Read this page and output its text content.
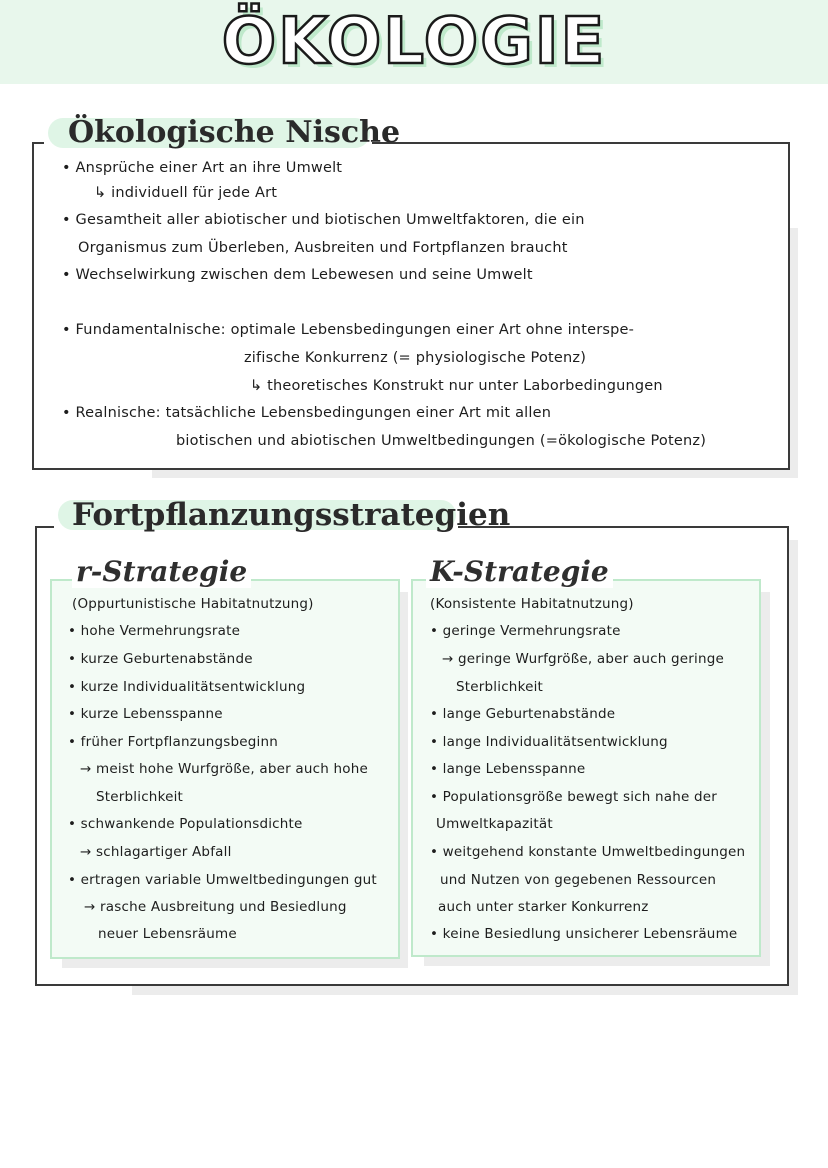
ÖKOLOGIE
Ökologische Nische
• Ansprüche einer Art an ihre Umwelt
↳ individuell für jede Art
• Gesamtheit aller abiotischer und biotischen Umweltfaktoren, die ein
Organismus zum Überleben, Ausbreiten und Fortpflanzen braucht
• Wechselwirkung zwischen dem Lebewesen und seine Umwelt
• Fundamentalnische: optimale Lebensbedingungen einer Art ohne interspe-
zifische Konkurrenz (= physiologische Potenz)
↳ theoretisches Konstrukt nur unter Laborbedingungen
• Realnische: tatsächliche Lebensbedingungen einer Art mit allen
biotischen und abiotischen Umweltbedingungen (=ökologische Potenz)
Fortpflanzungsstrategien
r-Strategie
(Oppurtunistische Habitatnutzung)
• hohe Vermehrungsrate
• kurze Geburtenabstände
• kurze Individualitätsentwicklung
• kurze Lebensspanne
• früher Fortpflanzungsbeginn
→ meist hohe Wurfgröße, aber auch hohe
Sterblichkeit
• schwankende Populationsdichte
→ schlagartiger Abfall
• ertragen variable Umweltbedingungen gut
→ rasche Ausbreitung und Besiedlung
neuer Lebensräume
K-Strategie
(Konsistente Habitatnutzung)
• geringe Vermehrungsrate
→ geringe Wurfgröße, aber auch geringe
Sterblichkeit
• lange Geburtenabstände
• lange Individualitätsentwicklung
• lange Lebensspanne
• Populationsgröße bewegt sich nahe der
Umweltkapazität
• weitgehend konstante Umweltbedingungen
und Nutzen von gegebenen Ressourcen
auch unter starker Konkurrenz
• keine Besiedlung unsicherer Lebensräume
